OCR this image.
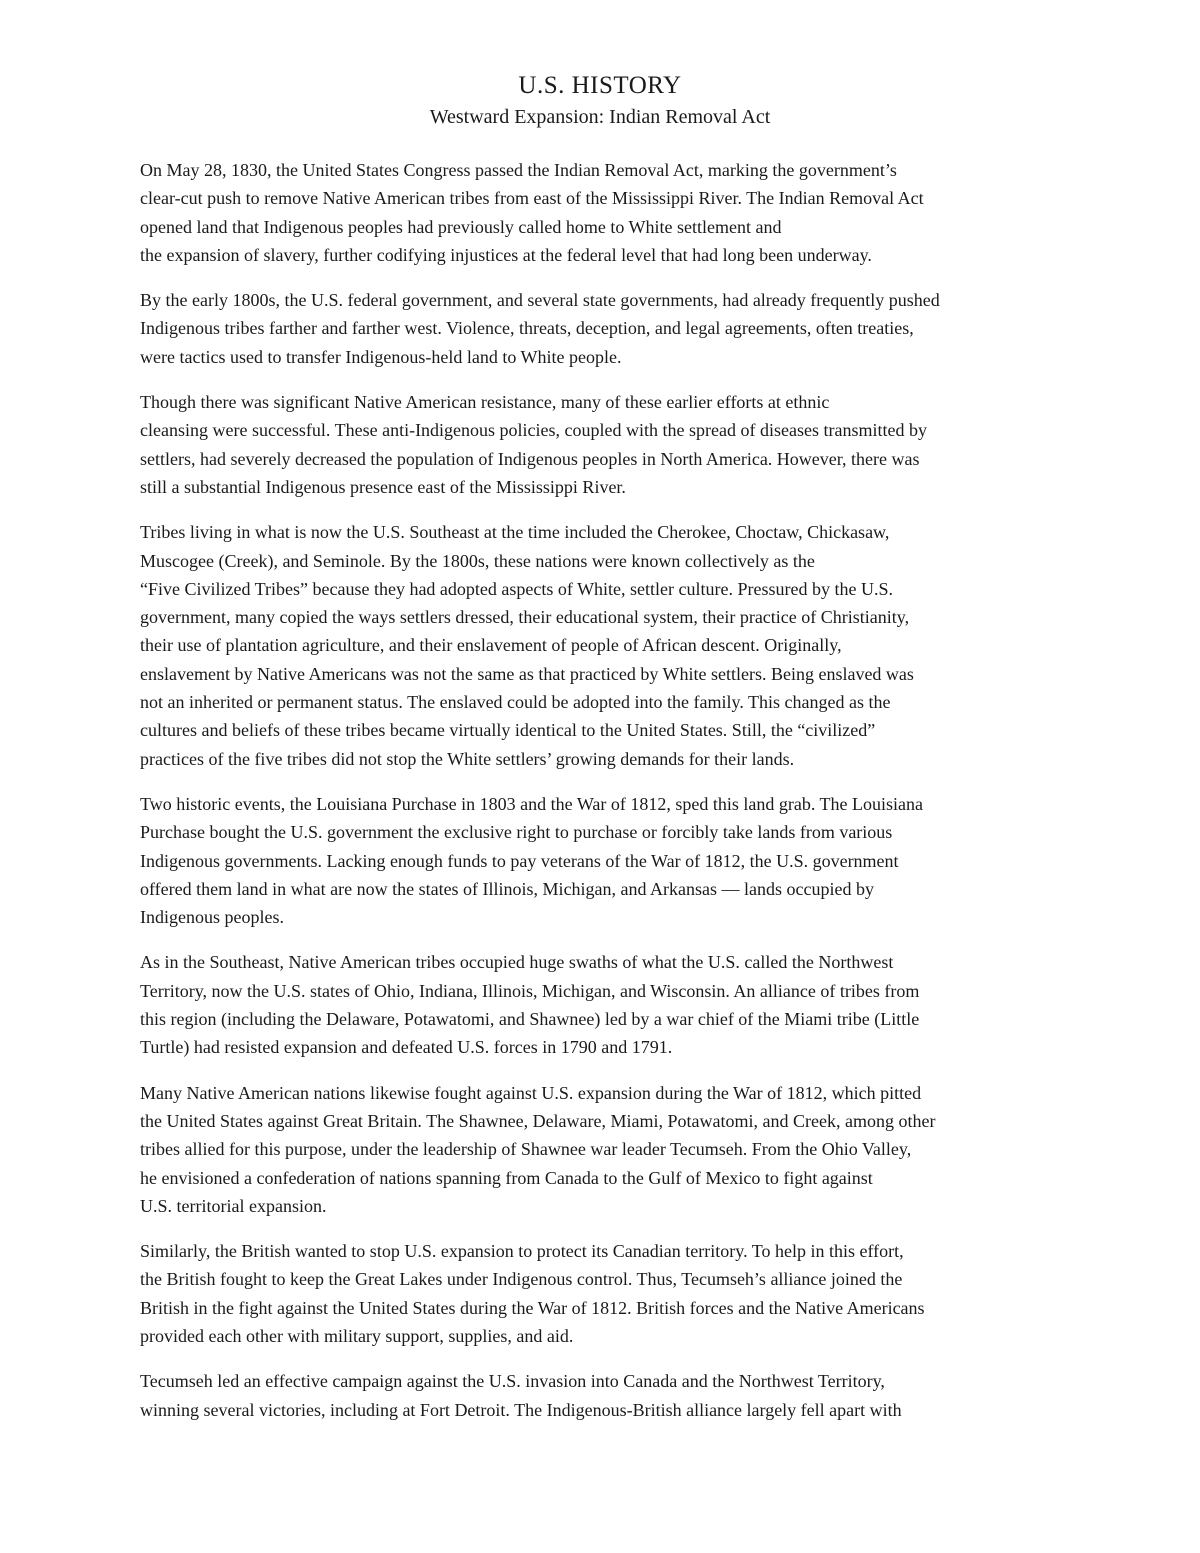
U.S. HISTORY
Westward Expansion: Indian Removal Act

On May 28, 1830, the United States Congress passed the Indian Removal Act, marking the government’s
clear-cut push to remove Native American tribes from east of the Mississippi River. The Indian Removal Act
opened land that Indigenous peoples had previously called home to White settlement and
the expansion of slavery, further codifying injustices at the federal level that had long been underway.

By the early 1800s, the U.S. federal government, and several state governments, had already frequently pushed
Indigenous tribes farther and farther west. Violence, threats, deception, and legal agreements, often treaties,
were tactics used to transfer Indigenous-held land to White people.

Though there was significant Native American resistance, many of these earlier efforts at ethnic
cleansing were successful. These anti-Indigenous policies, coupled with the spread of diseases transmitted by
settlers, had severely decreased the population of Indigenous peoples in North America. However, there was
still a substantial Indigenous presence east of the Mississippi River.

Tribes living in what is now the U.S. Southeast at the time included the Cherokee, Choctaw, Chickasaw,
Muscogee (Creek), and Seminole. By the 1800s, these nations were known collectively as the
“Five Civilized Tribes” because they had adopted aspects of White, settler culture. Pressured by the U.S.
government, many copied the ways settlers dressed, their educational system, their practice of Christianity,
their use of plantation agriculture, and their enslavement of people of African descent. Originally,
enslavement by Native Americans was not the same as that practiced by White settlers. Being enslaved was
not an inherited or permanent status. The enslaved could be adopted into the family. This changed as the
cultures and beliefs of these tribes became virtually identical to the United States. Still, the “civilized”
practices of the five tribes did not stop the White settlers’ growing demands for their lands.

Two historic events, the Louisiana Purchase in 1803 and the War of 1812, sped this land grab. The Louisiana
Purchase bought the U.S. government the exclusive right to purchase or forcibly take lands from various
Indigenous governments. Lacking enough funds to pay veterans of the War of 1812, the U.S. government
offered them land in what are now the states of Illinois, Michigan, and Arkansas — lands occupied by
Indigenous peoples.

As in the Southeast, Native American tribes occupied huge swaths of what the U.S. called the Northwest
Territory, now the U.S. states of Ohio, Indiana, Illinois, Michigan, and Wisconsin. An alliance of tribes from
this region (including the Delaware, Potawatomi, and Shawnee) led by a war chief of the Miami tribe (Little
Turtle) had resisted expansion and defeated U.S. forces in 1790 and 1791.

Many Native American nations likewise fought against U.S. expansion during the War of 1812, which pitted
the United States against Great Britain. The Shawnee, Delaware, Miami, Potawatomi, and Creek, among other
tribes allied for this purpose, under the leadership of Shawnee war leader Tecumseh. From the Ohio Valley,
he envisioned a confederation of nations spanning from Canada to the Gulf of Mexico to fight against
U.S. territorial expansion.

Similarly, the British wanted to stop U.S. expansion to protect its Canadian territory. To help in this effort,
the British fought to keep the Great Lakes under Indigenous control. Thus, Tecumseh’s alliance joined the
British in the fight against the United States during the War of 1812. British forces and the Native Americans
provided each other with military support, supplies, and aid.

Tecumseh led an effective campaign against the U.S. invasion into Canada and the Northwest Territory,
winning several victories, including at Fort Detroit. The Indigenous-British alliance largely fell apart with
